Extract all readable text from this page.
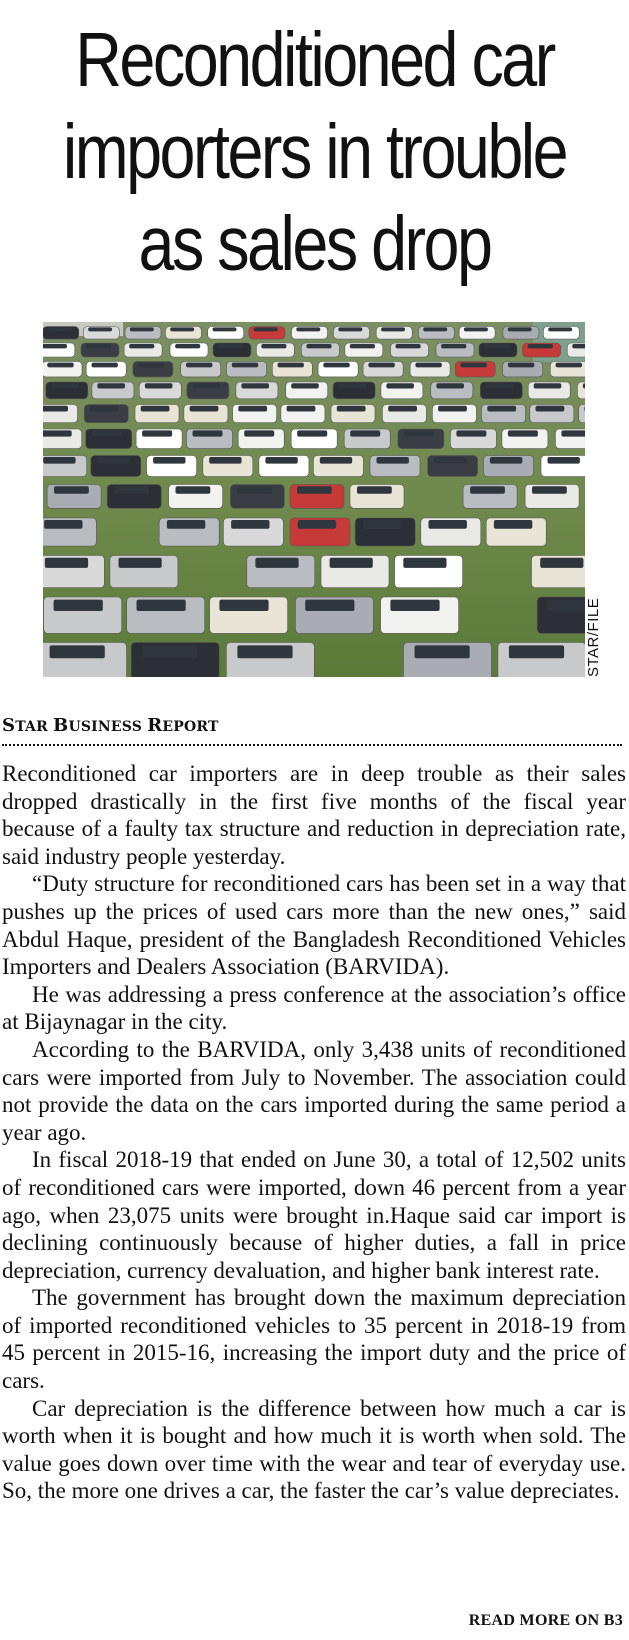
Reconditioned car
importers in trouble
as sales drop
STAR/FILE
STAR BUSINESS REPORT

Reconditioned car importers are in deep trouble as their sales dropped drastically in the first five months of the fiscal year because of a faulty tax structure and reduction in depreciation rate, said industry people yesterday.

“Duty structure for reconditioned cars has been set in a way that pushes up the prices of used cars more than the new ones,” said Abdul Haque, president of the Bangladesh Reconditioned Vehicles Importers and Dealers Association (BARVIDA).

He was addressing a press conference at the association’s office at Bijaynagar in the city.

According to the BARVIDA, only 3,438 units of reconditioned cars were imported from July to November. The association could not provide the data on the cars imported during the same period a year ago.

In fiscal 2018-19 that ended on June 30, a total of 12,502 units of reconditioned cars were imported, down 46 percent from a year ago, when 23,075 units were brought in.Haque said car import is declining continuously because of higher duties, a fall in price depreciation, currency devaluation, and higher bank interest rate.

The government has brought down the maximum depreciation of imported reconditioned vehicles to 35 percent in 2018-19 from 45 percent in 2015-16, increasing the import duty and the price of cars.

Car depreciation is the difference between how much a car is worth when it is bought and how much it is worth when sold. The value goes down over time with the wear and tear of everyday use. So, the more one drives a car, the faster the car’s value depreciates.

READ MORE ON B3
